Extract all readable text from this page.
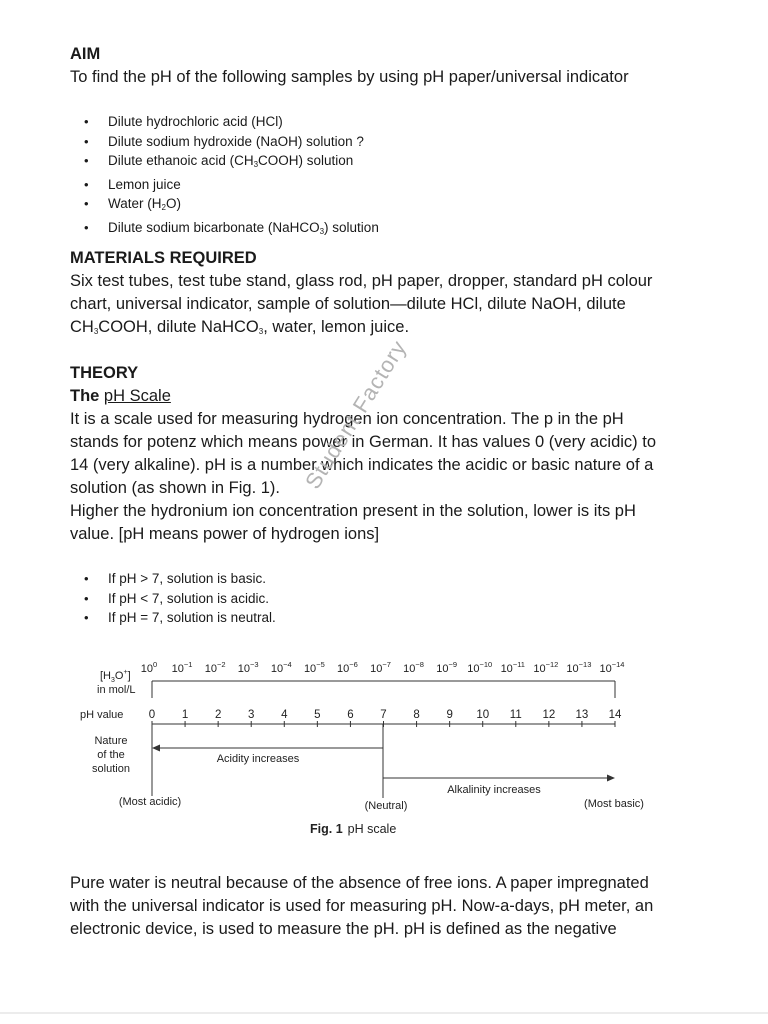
AIM

To find the pH of the following samples by using pH paper/universal indicator

• Dilute hydrochloric acid (HCl)
• Dilute sodium hydroxide (NaOH) solution ?
• Dilute ethanoic acid $(CH_3COOH)$ solution
• Lemon juice
• Water $(H_2O)$
• Dilute sodium bicarbonate (NaHCO$_3$) solution
MATERIALS REQUIRED

Six test tubes, test tube stand, glass rod, pH paper, dropper, standard pH colour
chart, universal indicator, sample of solution—dilute HCl, dilute NaOH, dilute
$CH_3COOH$, dilute NaHCO$_3$, water, lemon juice.

THEORY
The pH Scale

It is a scale used for measuring hydrogen ion concentration. The p in the pH
stands for potenz which means power in German. It has values 0 (very acidic) to
14 (very alkaline). pH is a number which indicates the acidic or basic nature of a
solution (as shown in Fig. 1).

Higher the hydronium ion concentration present in the solution, lower is its pH
value. [pH means power of hydrogen ions]

• If pH > 7, solution is basic.
• If pH < 7, solution is acidic.
• If pH = 7, solution is neutral.
Student Factory
$[H_3O^+]$
in mol/L
pH value
Nature
of the
solution
$10^0$ $10^{-1}$ $10^{-2}$ $10^{-3}$ $10^{-4}$ $10^{-5}$ $10^{-6}$ $10^{-7}$ $10^{-8}$ $10^{-9}$ $10^{-10}$ $10^{-11}$ $10^{-12}$ $10^{-13}$ $10^{-14}$
0 1 2 3 4 5 6 7 8 9 10 11 12 13 14
Acidity increases
Alkalinity increases
(Most acidic)	(Neutral)	(Most basic)
Fig. 1 pH scale

Pure water is neutral because of the absence of free ions. A paper impregnated
with the universal indicator is used for measuring pH. Now-a-days, pH meter, an
electronic device, is used to measure the pH. pH is defined as the negative
